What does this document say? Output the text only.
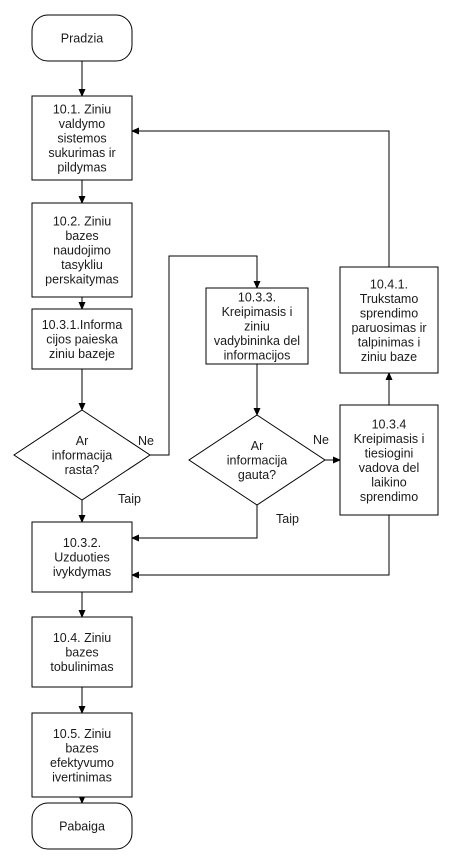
Ne
Taip
Ne
Taip
Pradzia
10.1. Ziniu
valdymo
sistemos
sukurimas ir
pildymas
10.2. Ziniu
bazes
naudojimo
tasykliu
perskaitymas
10.3.1.Informa
cijos paieska
ziniu bazeje
Ar
informacija
rasta?
10.3.3.
Kreipimasis i
ziniu
vadybininka del
informacijos
Ar
informacija
gauta?
10.4.1.
Trukstamo
sprendimo
paruosimas ir
talpinimas i
ziniu baze
10.3.4
Kreipimasis i
tiesiogini
vadova del
laikino
sprendimo
10.3.2.
Uzduoties
ivykdymas
10.4. Ziniu
bazes
tobulinimas
10.5. Ziniu
bazes
efektyvumo
ivertinimas
Pabaiga
